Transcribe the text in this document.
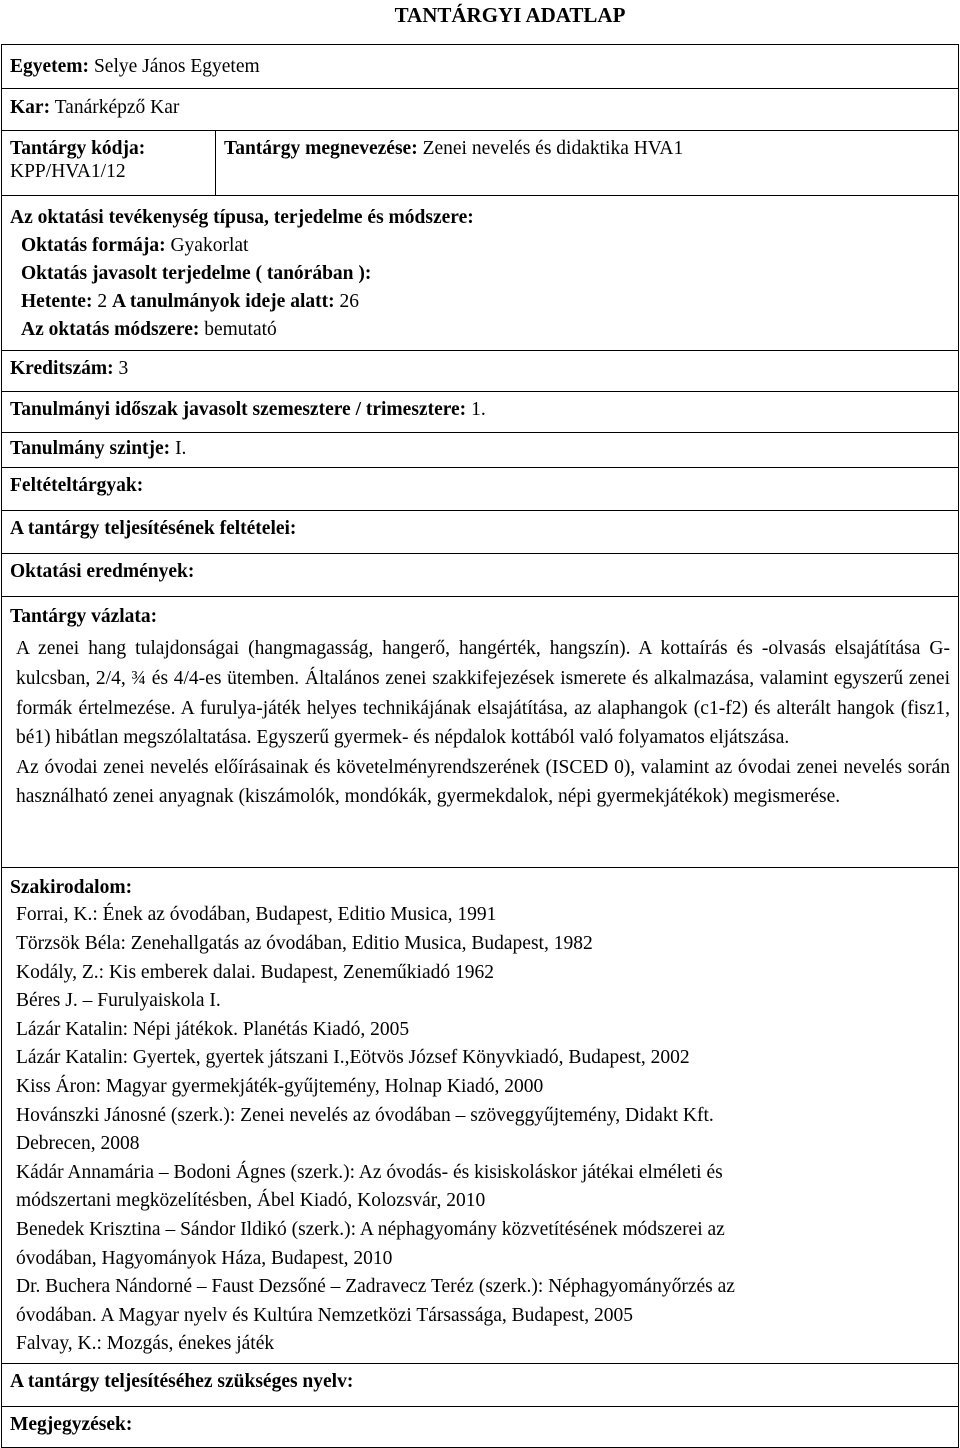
TANTÁRGYI ADATLAP
Egyetem: Selye János Egyetem
Kar: Tanárképző Kar

Tantárgy kódja:
KPP/HVA1/12
	Tantárgy megnevezése: Zenei nevelés és didaktika HVA1

Az oktatási tevékenység típusa, terjedelme és módszere:
Oktatás formája: Gyakorlat
Oktatás javasolt terjedelme ( tanórában ):
Hetente: 2 A tanulmányok ideje alatt: 26
Az oktatás módszere: bemutató

Kreditszám: 3
Tanulmányi időszak javasolt szemesztere / trimesztere: 1.
Tanulmány szintje: I.
Feltételtárgyak:
A tantárgy teljesítésének feltételei:
Oktatási eredmények:

Tantárgy vázlata:
A zenei hang tulajdonságai (hangmagasság, hangerő, hangérték, hangszín). A kottaírás és -olvasás elsajátítása G-kulcsban, 2/4, ¾ és 4/4-es ütemben. Általános zenei szakkifejezések ismerete és alkalmazása, valamint egyszerű zenei formák értelmezése. A furulya-játék helyes technikájának elsajátítása, az alaphangok (c1-f2) és alterált hangok (fisz1, bé1) hibátlan megszólaltatása. Egyszerű gyermek- és népdalok kottából való folyamatos eljátszása.
Az óvodai zenei nevelés előírásainak és követelményrendszerének (ISCED 0), valamint az óvodai zenei nevelés során használható zenei anyagnak (kiszámolók, mondókák, gyermekdalok, népi gyermekjátékok) megismerése.

Szakirodalom:
Forrai, K.: Ének az óvodában, Budapest, Editio Musica, 1991
Törzsök Béla: Zenehallgatás az óvodában, Editio Musica, Budapest, 1982
Kodály, Z.: Kis emberek dalai. Budapest, Zeneműkiadó 1962
Béres J. – Furulyaiskola I.
Lázár Katalin: Népi játékok. Planétás Kiadó, 2005
Lázár Katalin: Gyertek, gyertek játszani I.,Eötvös József Könyvkiadó, Budapest, 2002
Kiss Áron: Magyar gyermekjáték-gyűjtemény, Holnap Kiadó, 2000
Hovánszki Jánosné (szerk.): Zenei nevelés az óvodában – szöveggyűjtemény, Didakt Kft.
Debrecen, 2008
Kádár Annamária – Bodoni Ágnes (szerk.): Az óvodás- és kisiskoláskor játékai elméleti és
módszertani megközelítésben, Ábel Kiadó, Kolozsvár, 2010
Benedek Krisztina – Sándor Ildikó (szerk.): A néphagyomány közvetítésének módszerei az
óvodában, Hagyományok Háza, Budapest, 2010
Dr. Buchera Nándorné – Faust Dezsőné – Zadravecz Teréz (szerk.): Néphagyományőrzés az
óvodában. A Magyar nyelv és Kultúra Nemzetközi Társassága, Budapest, 2005
Falvay, K.: Mozgás, énekes játék

A tantárgy teljesítéséhez szükséges nyelv:
Megjegyzések:
